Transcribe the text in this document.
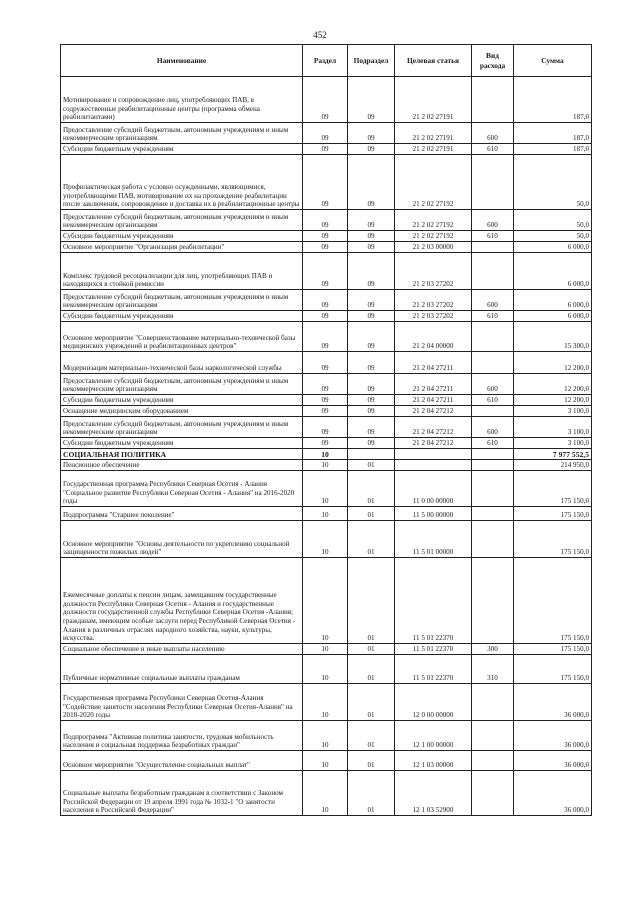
452
Наименование	Раздел	Подраздел	Целевая статья	Вид расхода	Сумма
Мотивирование и сопровождение лиц, употребляющих ПАВ, в содружественные реабилитационные центры (программа обмена реабилитантами)	09	09	21 2 02 27191		187,0
Предоставление субсидий бюджетным, автономным учреждениям и иным некоммерческим организациям	09	09	21 2 02 27191	600	187,0
Субсидии бюджетным учреждениям	09	09	21 2 02 27191	610	187,0
Профилактическая работа с условно осужденными, являющимися, употребляющими ПАВ, мотивирование их на прохождение реабилитации после заключения, сопровождение и доставка их в реабилитационные центры	09	09	21 2 02 27192		50,0
Предоставление субсидий бюджетным, автономным учреждениям и иным некоммерческим организациям	09	09	21 2 02 27192	600	50,0
Субсидии бюджетным учреждениям	09	09	21 2 02 27192	610	50,0
Основное мероприятие "Организация реабилитации"	09	09	21 2 03 00000		6 000,0
Комплекс трудовой ресоциализации для лиц, употребляющих ПАВ и находящихся в стойкой ремиссии	09	09	21 2 03 27202		6 000,0
Предоставление субсидий бюджетным, автономным учреждениям и иным некоммерческим организациям	09	09	21 2 03 27202	600	6 000,0
Субсидии бюджетным учреждениям	09	09	21 2 03 27202	610	6 000,0
Основное мероприятие "Совершенствование материально-технической базы медицинских учреждений и реабилитационных центров"	09	09	21 2 04 00000		15 300,0
Модернизация материально-технической базы наркологической службы	09	09	21 2 04 27211		12 200,0
Предоставление субсидий бюджетным, автономным учреждениям и иным некоммерческим организациям	09	09	21 2 04 27211	600	12 200,0
Субсидии бюджетным учреждениям	09	09	21 2 04 27211	610	12 200,0
Оснащение медицинским оборудованием	09	09	21 2 04 27212		3 100,0
Предоставление субсидий бюджетным, автономным учреждениям и иным некоммерческим организациям	09	09	21 2 04 27212	600	3 100,0
Субсидии бюджетным учреждениям	09	09	21 2 04 27212	610	3 100,0
СОЦИАЛЬНАЯ ПОЛИТИКА	10				7 977 552,5
Пенсионное обеспечение	10	01			214 950,0
Государственная программа Республики Северная Осетия - Алания "Социальное развитие Республики Северная Осетия - Алания" на 2016-2020 годы	10	01	11 0 00 00000		175 150,0
Подпрограмма "Старшее поколение"	10	01	11 5 00 00000		175 150,0
Основное мероприятие "Основы деятельности по укреплению социальной защищенности пожилых людей"	10	01	11 5 01 00000		175 150,0
Ежемесячные доплаты к пенсии лицам, замещавшим государственные должности Республики Северная Осетия - Алания и государственные должности государственной службы Республики Северная Осетия -Алания; гражданам, имеющим особые заслуги перед Республикой Северная Осетия - Алания в различных отраслях народного хозяйства, науки, культуры, искусства.	10	01	11 5 01 22370		175 150,0
Социальное обеспечение и иные выплаты населению	10	01	11 5 01 22370	300	175 150,0
Публичные нормативные социальные выплаты гражданам	10	01	11 5 01 22370	310	175 150,0
Государственная программа Республики Северная Осетия-Алания "Содействие занятости населения Республики Северная Осетия-Алания" на 2018-2020 годы	10	01	12 0 00 00000		36 000,0
Подпрограмма "Активная политика занятости, трудовая мобильность населения и социальная поддержка безработных граждан"	10	01	12 1 00 00000		36 000,0
Основное мероприятие "Осуществление социальных выплат"	10	01	12 1 03 00000		36 000,0
Социальные выплаты безработным гражданам в соответствии с Законом Российской Федерации от 19 апреля 1991 года № 1032-1 "О занятости населения в Российской Федерации"	10	01	12 1 03 52900		36 000,0
